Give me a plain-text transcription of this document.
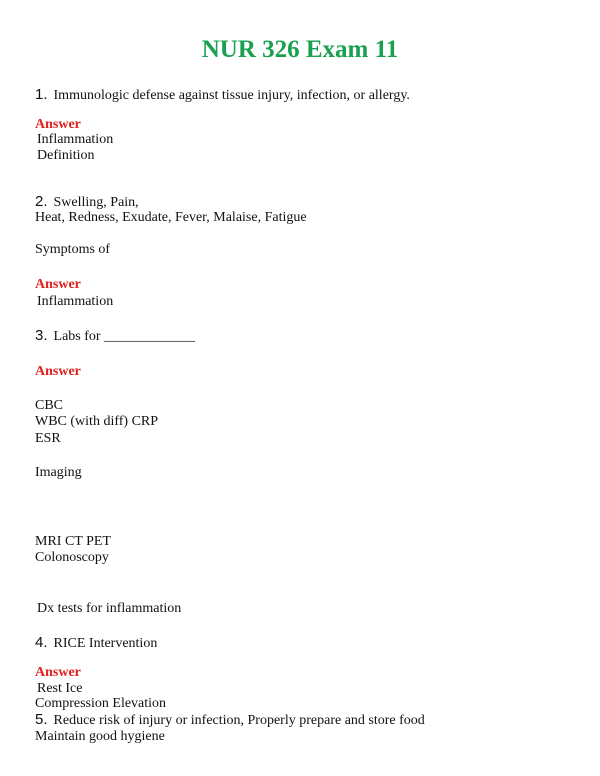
NUR 326 Exam 11
1. Immunologic defense against tissue injury, infection, or allergy.
Answer
Inflammation
Definition
2. Swelling, Pain,
Heat, Redness, Exudate, Fever, Malaise, Fatigue
Symptoms of
Answer
Inflammation
3. Labs for _____________
Answer
CBC
WBC (with diff) CRP
ESR
Imaging
MRI CT PET
Colonoscopy
Dx tests for inflammation
4. RICE Intervention
Answer
Rest Ice
Compression Elevation
5. Reduce risk of injury or infection, Properly prepare and store food
Maintain good hygiene
